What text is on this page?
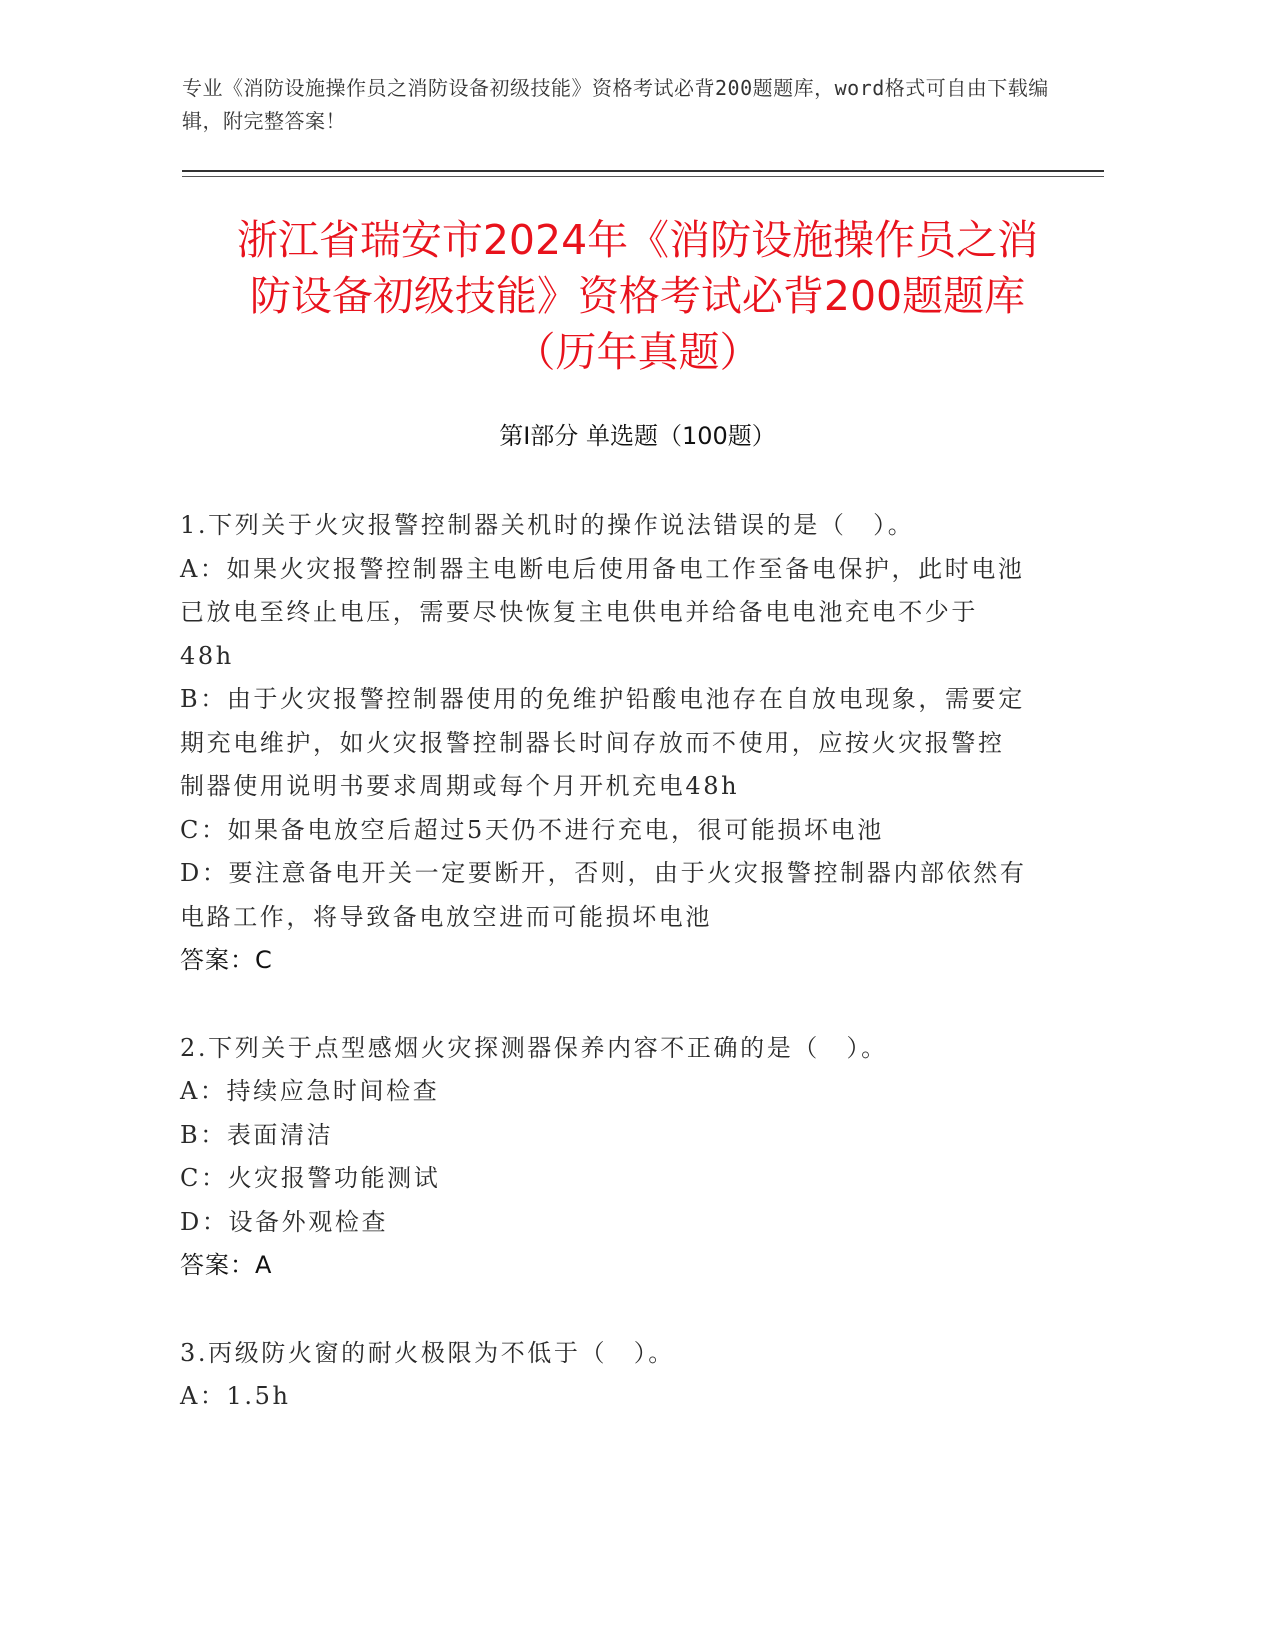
专业《消防设施操作员之消防设备初级技能》资格考试必背200题题库，word格式可自由下载编辑，附完整答案！
浙江省瑞安市2024年《消防设施操作员之消
防设备初级技能》资格考试必背200题题库
（历年真题）
第Ⅰ部分 单选题（100题）
1.下列关于火灾报警控制器关机时的操作说法错误的是（　）。
A：如果火灾报警控制器主电断电后使用备电工作至备电保护，此时电池已放电至终止电压，需要尽快恢复主电供电并给备电电池充电不少于48h
B：由于火灾报警控制器使用的免维护铅酸电池存在自放电现象，需要定期充电维护，如火灾报警控制器长时间存放而不使用，应按火灾报警控制器使用说明书要求周期或每个月开机充电48h
C：如果备电放空后超过5天仍不进行充电，很可能损坏电池
D：要注意备电开关一定要断开，否则，由于火灾报警控制器内部依然有电路工作，将导致备电放空进而可能损坏电池
答案：C
2.下列关于点型感烟火灾探测器保养内容不正确的是（　）。
A：持续应急时间检查
B：表面清洁
C：火灾报警功能测试
D：设备外观检查
答案：A
3.丙级防火窗的耐火极限为不低于（　）。
A：1.5h
